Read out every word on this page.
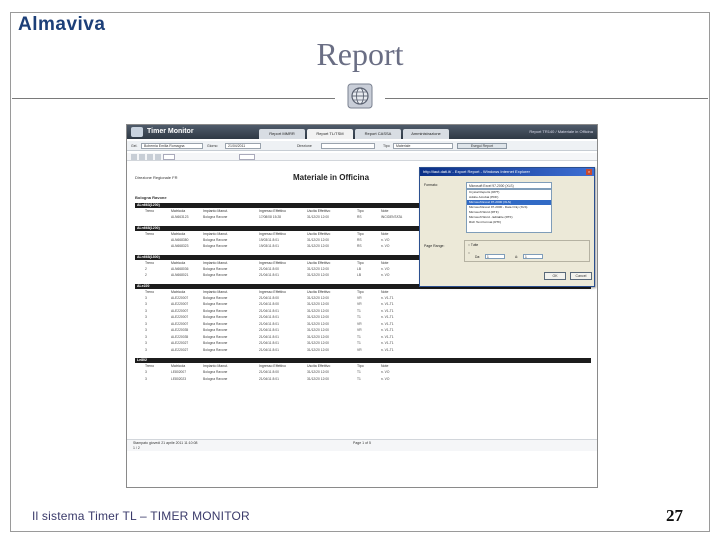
Almaviva
Report
Timer Monitor	Report MMRR	Report TL/TSM	Report CASSA	Amministrazione	Report TR140 / Materiale in Officina
Gel.	Bohemia Emilia Romagna	Giorno	21/04/2011	Direzione	Tipo	Materiale	Esegui Report
Direzione Regionale FR	Materiale in Officina
Bologna Ravone
ALn663(1200)
Treno	Matricola	Impianto Manut.	Ingresso Effettivo	Uscita Effettivo	Tipo	Note
ALN663123	Bologna Ravone	17/08/08 15:28	31/12/20 12:00	RS	INCIDENTATA
ALn668(1200)
Treno	Matricola	Impianto Manut.	Ingresso Effettivo	Uscita Effettivo	Tipo	Note
ALN668380	Bologna Ravone	19/03/11 8:01	31/12/20 12:00	RS	n. VO
ALN668323	Bologna Ravone	19/03/11 8:01	31/12/20 12:00	RS	n. VO
ALn668(1800)
Treno	Matricola	Impianto Manut.	Ingresso Effettivo	Uscita Effettivo	Tipo	Note
2	ALN668036	Bologna Ravone	21/04/11 8:00	31/12/20 12:00	LB	n. VO
2	ALN668021	Bologna Ravone	21/04/11 8:01	31/12/20 12:00	LB	n. VO
ALe220
Treno	Matricola	Impianto Manut.	Ingresso Effettivo	Uscita Effettivo	Tipo	Note
3	ALE220007	Bologna Ravone	21/04/11 8:00	31/12/20 12:00	VR	n. V1-T1
3	ALE220007	Bologna Ravone	21/04/11 8:00	31/12/20 12:00	VR	n. V1-T1
3	ALE220007	Bologna Ravone	21/04/11 8:01	31/12/20 12:00	T1	n. V1-T1
3	ALE220007	Bologna Ravone	21/04/11 8:01	31/12/20 12:00	T1	n. V1-T1
3	ALE220007	Bologna Ravone	21/04/11 8:01	31/12/20 12:00	VR	n. V1-T1
3	ALE220035	Bologna Ravone	21/04/11 8:01	31/12/20 12:00	VR	n. V1-T1
3	ALE220035	Bologna Ravone	21/04/11 8:01	31/12/20 12:00	T1	n. V1-T1
3	ALE220027	Bologna Ravone	21/04/11 8:01	31/12/20 12:00	T1	n. V1-T1
3	ALE220027	Bologna Ravone	21/04/11 8:01	31/12/20 12:00	VR	n. V1-T1
Le802
Treno	Matricola	Impianto Manut.	Ingresso Effettivo	Uscita Effettivo	Tipo	Note
3	LE802007	Bologna Ravone	21/04/11 8:00	31/12/20 12:00	T1	n. VO
3	LE802023	Bologna Ravone	21/04/11 8:01	31/12/20 12:00	T1	n. VO
Stampato giovedì 21 aprile 2011 11:10:08	Page 1 of 5
1 / 2
http://iaut.dati.it/ - Export Report - Windows Internet Explorer	×
Formato:	Microsoft Excel 97-2000 (XLS)
Crystal Reports (RPT)
Adobe Acrobat (PDF)
Microsoft Excel 97-2000 (XLS)
Microsoft Excel 97-2000 - Data Only (XLS)
Microsoft Word (RTF)
Microsoft Word - Editable (RTF)
Rich Text Format (RTF)
Page Range:	○ Tutte
○
Da:	1	A:	1
OK	Cancel
Il sistema Timer TL – TIMER MONITOR	27
